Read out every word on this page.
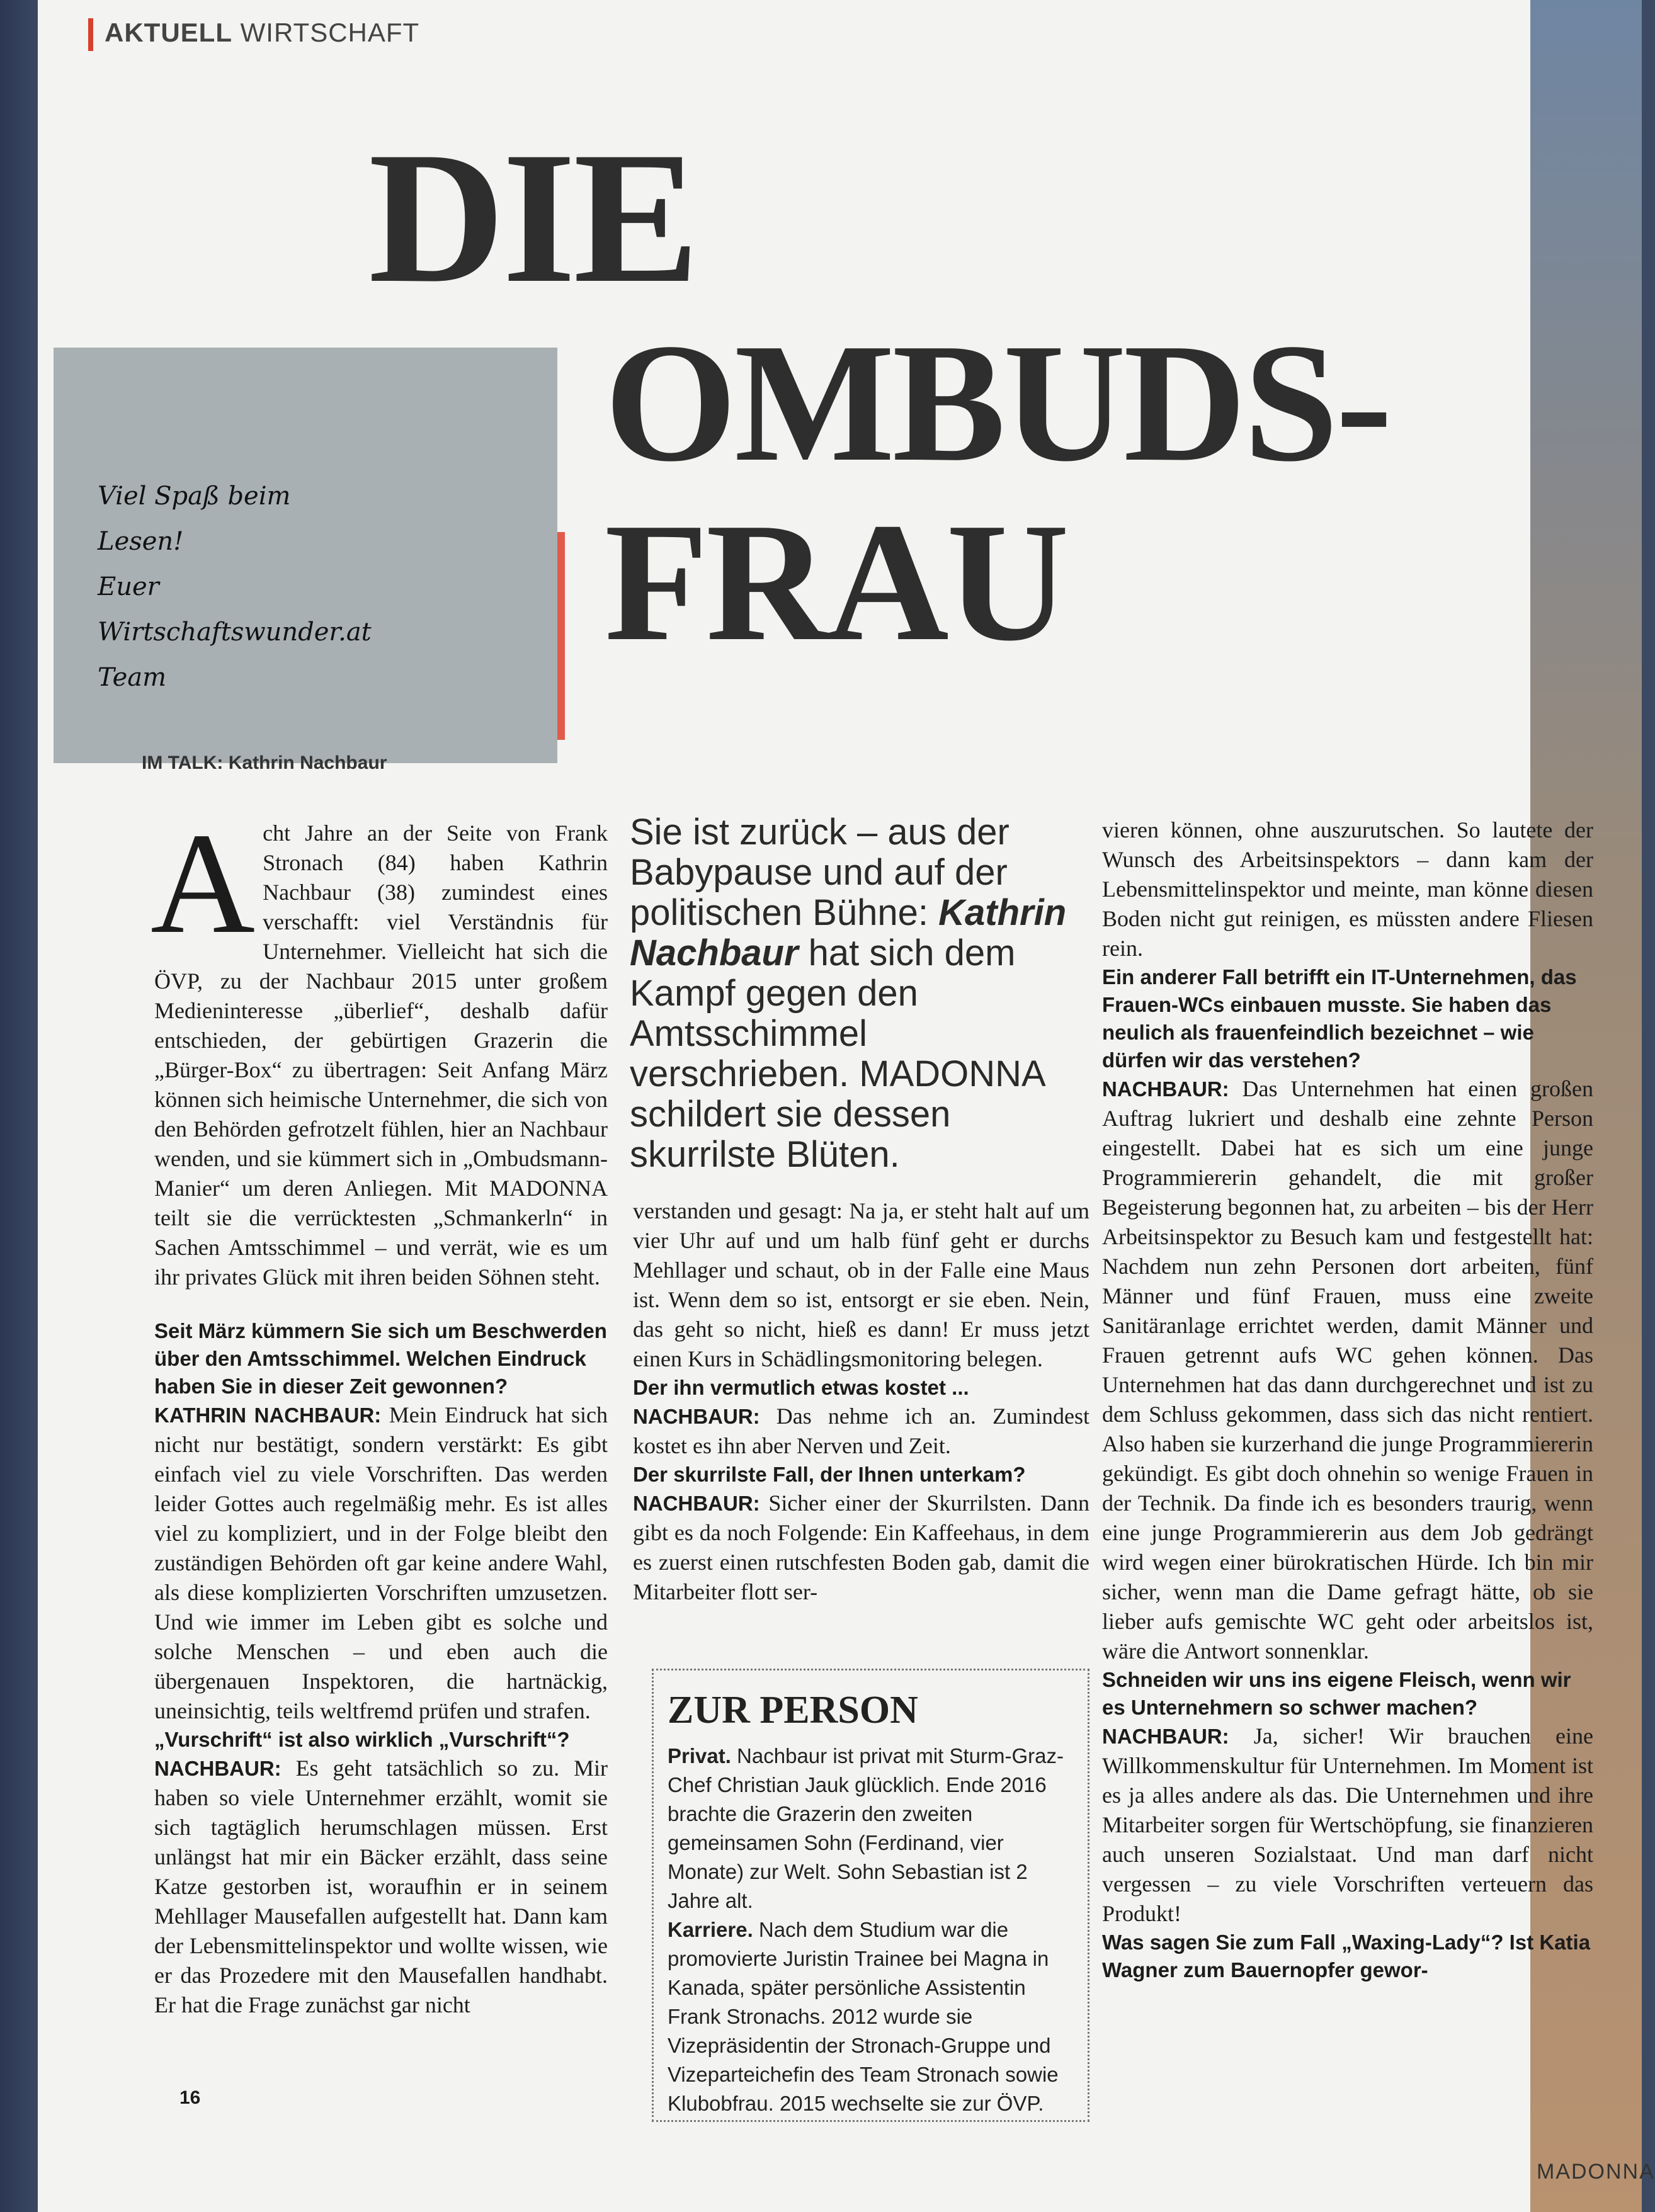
AKTUELL WIRTSCHAFT
DIE
OMBUDS-
FRAU
Viel Spaß beim
Lesen!
Euer
Wirtschaftswunder.at
Team
IM TALK: Kathrin Nachbaur
Sie ist zurück – aus der Babypause und auf der politischen Bühne: Kathrin Nachbaur hat sich dem Kampf gegen den Amtsschimmel verschrieben. MADONNA schildert sie dessen skurrilste Blüten.

Acht Jahre an der Seite von Frank Stronach (84) haben Kathrin Nachbaur (38) zumindest eines verschafft: viel Verständnis für Unternehmer. Vielleicht hat sich die ÖVP, zu der Nachbaur 2015 unter großem Medieninteresse „überlief“, deshalb dafür entschieden, der gebürtigen Grazerin die „Bürger-Box“ zu übertragen: Seit Anfang März können sich heimische Unternehmer, die sich von den Behörden gefrotzelt fühlen, hier an Nachbaur wenden, und sie kümmert sich in „Ombudsmann-Manier“ um deren Anliegen. Mit MADONNA teilt sie die verrücktesten „Schmankerln“ in Sachen Amtsschimmel – und verrät, wie es um ihr privates Glück mit ihren beiden Söhnen steht.

Seit März kümmern Sie sich um Beschwerden über den Amtsschimmel. Welchen Eindruck haben Sie in dieser Zeit gewonnen?

KATHRIN NACHBAUR: Mein Eindruck hat sich nicht nur bestätigt, sondern verstärkt: Es gibt einfach viel zu viele Vorschriften. Das werden leider Gottes auch regelmäßig mehr. Es ist alles viel zu kompliziert, und in der Folge bleibt den zuständigen Behörden oft gar keine andere Wahl, als diese komplizierten Vorschriften umzusetzen. Und wie immer im Leben gibt es solche und solche Menschen – und eben auch die übergenauen Inspektoren, die hartnäckig, uneinsichtig, teils weltfremd prüfen und strafen.

„Vurschrift“ ist also wirklich „Vurschrift“?

NACHBAUR: Es geht tatsächlich so zu. Mir haben so viele Unternehmer erzählt, womit sie sich tagtäglich herumschlagen müssen. Erst unlängst hat mir ein Bäcker erzählt, dass seine Katze gestorben ist, woraufhin er in seinem Mehllager Mausefallen aufgestellt hat. Dann kam der Lebensmittelinspektor und wollte wissen, wie er das Prozedere mit den Mausefallen handhabt. Er hat die Frage zunächst gar nicht

verstanden und gesagt: Na ja, er steht halt auf um vier Uhr auf und um halb fünf geht er durchs Mehllager und schaut, ob in der Falle eine Maus ist. Wenn dem so ist, entsorgt er sie eben. Nein, das geht so nicht, hieß es dann! Er muss jetzt einen Kurs in Schädlingsmonitoring belegen.

Der ihn vermutlich etwas kostet ...

NACHBAUR: Das nehme ich an. Zumindest kostet es ihn aber Nerven und Zeit.

Der skurrilste Fall, der Ihnen unterkam?

NACHBAUR: Sicher einer der Skurrilsten. Dann gibt es da noch Folgende: Ein Kaffeehaus, in dem es zuerst einen rutschfesten Boden gab, damit die Mitarbeiter flott ser-

ZUR PERSON

Privat. Nachbaur ist privat mit Sturm-Graz-Chef Christian Jauk glücklich. Ende 2016 brachte die Grazerin den zweiten gemeinsamen Sohn (Ferdinand, vier Monate) zur Welt. Sohn Sebastian ist 2 Jahre alt.

Karriere. Nach dem Studium war die promovierte Juristin Trainee bei Magna in Kanada, später persönliche Assistentin Frank Stronachs. 2012 wurde sie Vizepräsidentin der Stronach-Gruppe und Vizeparteichefin des Team Stronach sowie Klubobfrau. 2015 wechselte sie zur ÖVP.

vieren können, ohne auszurutschen. So lautete der Wunsch des Arbeitsinspektors – dann kam der Lebensmittelinspektor und meinte, man könne diesen Boden nicht gut reinigen, es müssten andere Fliesen rein.

Ein anderer Fall betrifft ein IT-Unternehmen, das Frauen-WCs einbauen musste. Sie haben das neulich als frauenfeindlich bezeichnet – wie dürfen wir das verstehen?

NACHBAUR: Das Unternehmen hat einen großen Auftrag lukriert und deshalb eine zehnte Person eingestellt. Dabei hat es sich um eine junge Programmiererin gehandelt, die mit großer Begeisterung begonnen hat, zu arbeiten – bis der Herr Arbeitsinspektor zu Besuch kam und festgestellt hat: Nachdem nun zehn Personen dort arbeiten, fünf Männer und fünf Frauen, muss eine zweite Sanitäranlage errichtet werden, damit Männer und Frauen getrennt aufs WC gehen können. Das Unternehmen hat das dann durchgerechnet und ist zu dem Schluss gekommen, dass sich das nicht rentiert. Also haben sie kurzerhand die junge Programmiererin gekündigt. Es gibt doch ohnehin so wenige Frauen in der Technik. Da finde ich es besonders traurig, wenn eine junge Programmiererin aus dem Job gedrängt wird wegen einer bürokratischen Hürde. Ich bin mir sicher, wenn man die Dame gefragt hätte, ob sie lieber aufs gemischte WC geht oder arbeitslos ist, wäre die Antwort sonnenklar.

Schneiden wir uns ins eigene Fleisch, wenn wir es Unternehmern so schwer machen?

NACHBAUR: Ja, sicher! Wir brauchen eine Willkommenskultur für Unternehmen. Im Moment ist es ja alles andere als das. Die Unternehmen und ihre Mitarbeiter sorgen für Wertschöpfung, sie finanzieren auch unseren Sozialstaat. Und man darf nicht vergessen – zu viele Vorschriften verteuern das Produkt!

Was sagen Sie zum Fall „Waxing-Lady“? Ist Katia Wagner zum Bauernopfer gewor-

16
MADONNA
